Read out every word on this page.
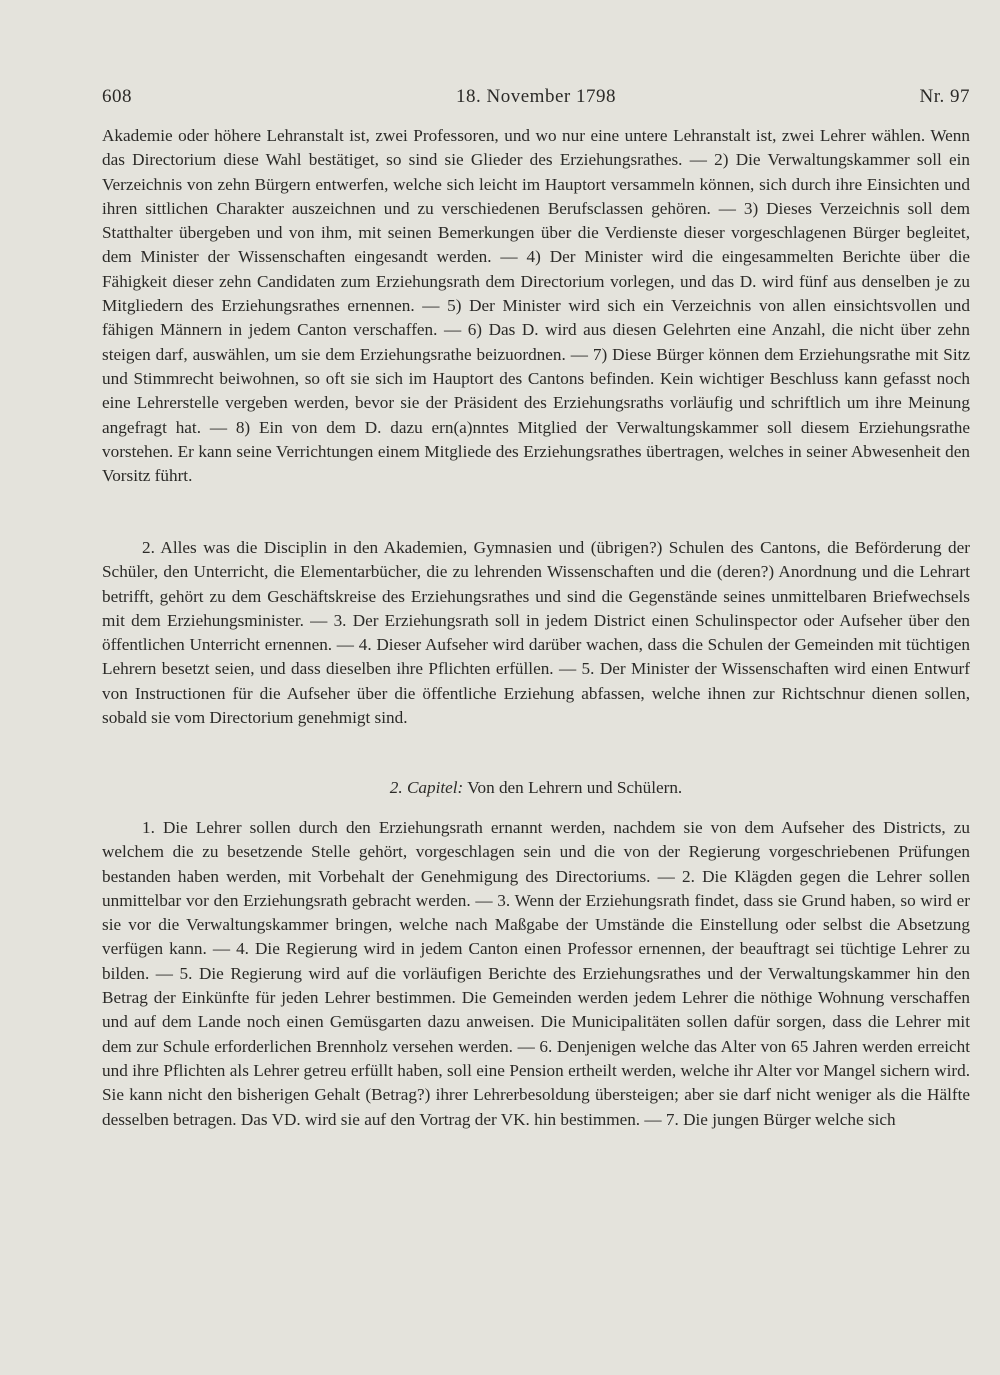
608	18. November 1798	Nr. 97

Akademie oder höhere Lehranstalt ist, zwei Professoren, und wo nur eine untere Lehranstalt ist, zwei Lehrer wählen. Wenn das Directorium diese Wahl bestätiget, so sind sie Glieder des Erziehungsrathes. — 2) Die Verwaltungskammer soll ein Verzeichnis von zehn Bürgern entwerfen, welche sich leicht im Hauptort versammeln können, sich durch ihre Einsichten und ihren sittlichen Charakter auszeichnen und zu verschiedenen Berufsclassen gehören. — 3) Dieses Verzeichnis soll dem Statthalter übergeben und von ihm, mit seinen Bemerkungen über die Verdienste dieser vorgeschlagenen Bürger begleitet, dem Minister der Wissenschaften eingesandt werden. — 4) Der Minister wird die eingesammelten Berichte über die Fähigkeit dieser zehn Candidaten zum Erziehungsrath dem Directorium vorlegen, und das D. wird fünf aus denselben je zu Mitgliedern des Erziehungsrathes ernennen. — 5) Der Minister wird sich ein Verzeichnis von allen einsichtsvollen und fähigen Männern in jedem Canton verschaffen. — 6) Das D. wird aus diesen Gelehrten eine Anzahl, die nicht über zehn steigen darf, auswählen, um sie dem Erziehungsrathe beizuordnen. — 7) Diese Bürger können dem Erziehungsrathe mit Sitz und Stimmrecht beiwohnen, so oft sie sich im Hauptort des Cantons befinden. Kein wichtiger Beschluss kann gefasst noch eine Lehrerstelle vergeben werden, bevor sie der Präsident des Erziehungsraths vorläufig und schriftlich um ihre Meinung angefragt hat. — 8) Ein von dem D. dazu ern(a)nntes Mitglied der Verwaltungskammer soll diesem Erziehungsrathe vorstehen. Er kann seine Verrichtungen einem Mitgliede des Erziehungsrathes übertragen, welches in seiner Abwesenheit den Vorsitz führt.

2. Alles was die Disciplin in den Akademien, Gymnasien und (übrigen?) Schulen des Cantons, die Beförderung der Schüler, den Unterricht, die Elementarbücher, die zu lehrenden Wissenschaften und die (deren?) Anordnung und die Lehrart betrifft, gehört zu dem Geschäftskreise des Erziehungsrathes und sind die Gegenstände seines unmittelbaren Briefwechsels mit dem Erziehungsminister. — 3. Der Erziehungsrath soll in jedem District einen Schulinspector oder Aufseher über den öffentlichen Unterricht ernennen. — 4. Dieser Aufseher wird darüber wachen, dass die Schulen der Gemeinden mit tüchtigen Lehrern besetzt seien, und dass dieselben ihre Pflichten erfüllen. — 5. Der Minister der Wissenschaften wird einen Entwurf von Instructionen für die Aufseher über die öffentliche Erziehung abfassen, welche ihnen zur Richtschnur dienen sollen, sobald sie vom Directorium genehmigt sind.

2. Capitel: Von den Lehrern und Schülern.

1. Die Lehrer sollen durch den Erziehungsrath ernannt werden, nachdem sie von dem Aufseher des Districts, zu welchem die zu besetzende Stelle gehört, vorgeschlagen sein und die von der Regierung vorgeschriebenen Prüfungen bestanden haben werden, mit Vorbehalt der Genehmigung des Directoriums. — 2. Die Klägden gegen die Lehrer sollen unmittelbar vor den Erziehungsrath gebracht werden. — 3. Wenn der Erziehungsrath findet, dass sie Grund haben, so wird er sie vor die Verwaltungskammer bringen, welche nach Maßgabe der Umstände die Einstellung oder selbst die Absetzung verfügen kann. — 4. Die Regierung wird in jedem Canton einen Professor ernennen, der beauftragt sei tüchtige Lehrer zu bilden. — 5. Die Regierung wird auf die vorläufigen Berichte des Erziehungsrathes und der Verwaltungskammer hin den Betrag der Einkünfte für jeden Lehrer bestimmen. Die Gemeinden werden jedem Lehrer die nöthige Wohnung verschaffen und auf dem Lande noch einen Gemüsgarten dazu anweisen. Die Municipalitäten sollen dafür sorgen, dass die Lehrer mit dem zur Schule erforderlichen Brennholz versehen werden. — 6. Denjenigen welche das Alter von 65 Jahren werden erreicht und ihre Pflichten als Lehrer getreu erfüllt haben, soll eine Pension ertheilt werden, welche ihr Alter vor Mangel sichern wird. Sie kann nicht den bisherigen Gehalt (Betrag?) ihrer Lehrerbesoldung übersteigen; aber sie darf nicht weniger als die Hälfte desselben betragen. Das VD. wird sie auf den Vortrag der VK. hin bestimmen. — 7. Die jungen Bürger welche sich
